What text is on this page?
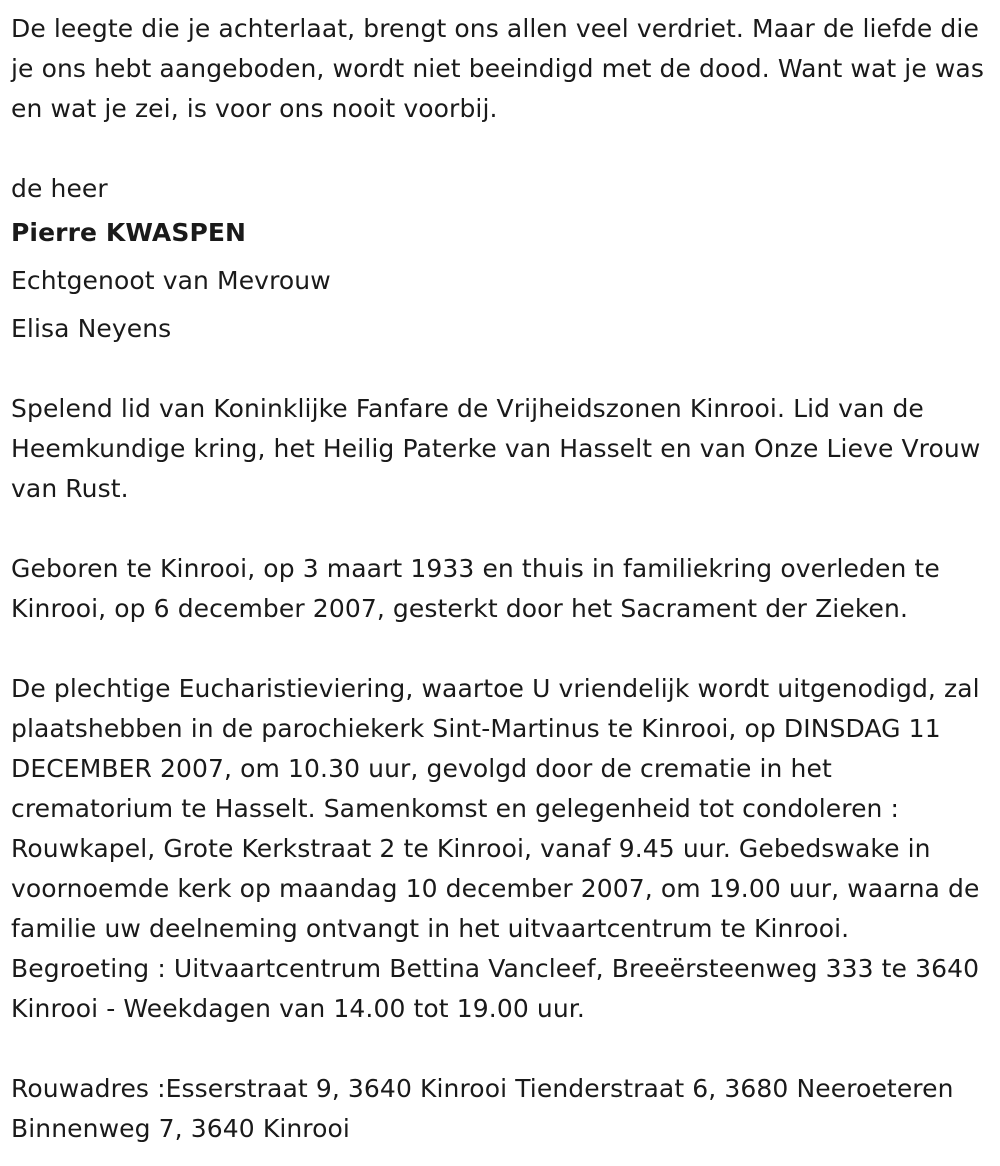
De leegte die je achterlaat, brengt ons allen veel verdriet. Maar de liefde die je ons hebt aangeboden, wordt niet beeindigd met de dood. Want wat je was en wat je zei, is voor ons nooit voorbij.

de heer

Pierre KWASPEN

Echtgenoot van Mevrouw

Elisa Neyens

Spelend lid van Koninklijke Fanfare de Vrijheidszonen Kinrooi. Lid van de Heemkundige kring, het Heilig Paterke van Hasselt en van Onze Lieve Vrouw van Rust.

Geboren te Kinrooi, op 3 maart 1933 en thuis in familiekring overleden te Kinrooi, op 6 december 2007, gesterkt door het Sacrament der Zieken.

De plechtige Eucharistieviering, waartoe U vriendelijk wordt uitgenodigd, zal plaatshebben in de parochiekerk Sint-Martinus te Kinrooi, op DINSDAG 11 DECEMBER 2007, om 10.30 uur, gevolgd door de crematie in het crematorium te Hasselt. Samenkomst en gelegenheid tot condoleren : Rouwkapel, Grote Kerkstraat 2 te Kinrooi, vanaf 9.45 uur. Gebedswake in voornoemde kerk op maandag 10 december 2007, om 19.00 uur, waarna de familie uw deelneming ontvangt in het uitvaartcentrum te Kinrooi. Begroeting : Uitvaartcentrum Bettina Vancleef, Breeërsteenweg 333 te 3640 Kinrooi - Weekdagen van 14.00 tot 19.00 uur.

Rouwadres :Esserstraat 9, 3640 Kinrooi Tienderstraat 6, 3680 Neeroeteren Binnenweg 7, 3640 Kinrooi
